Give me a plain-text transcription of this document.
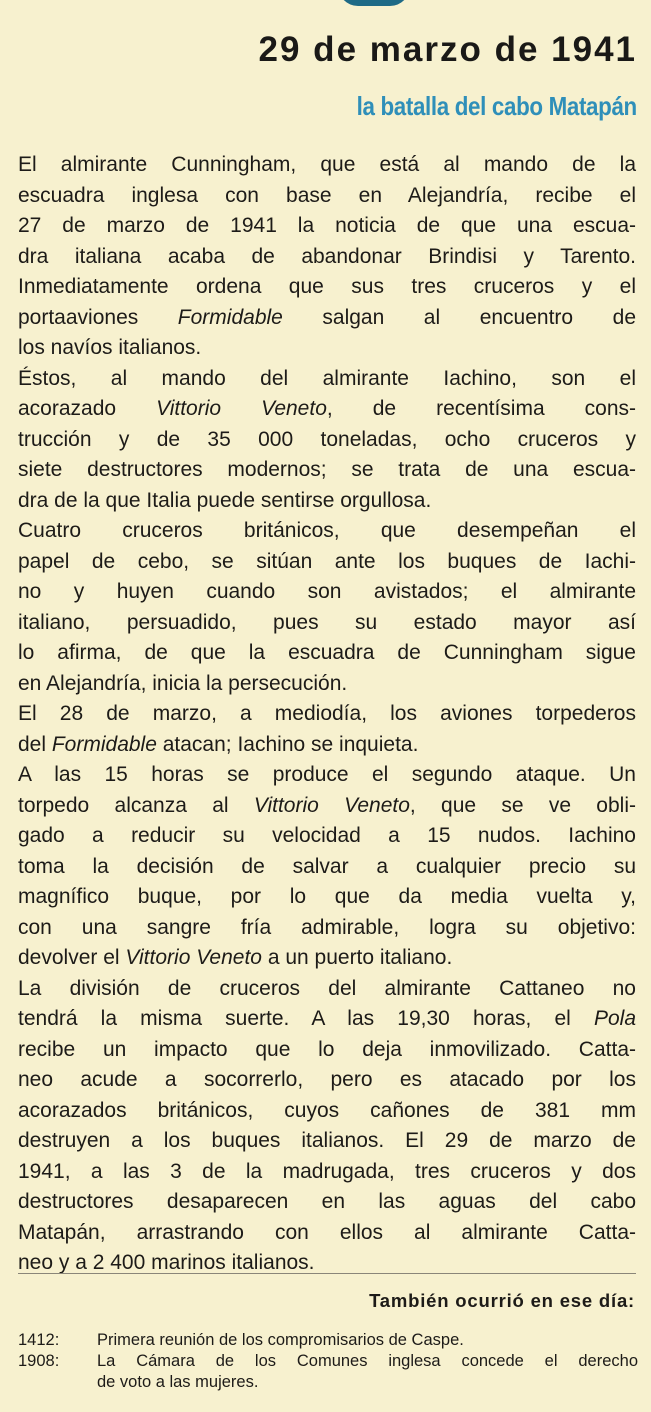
29 de marzo de 1941
la batalla del cabo Matapán
El almirante Cunningham, que está al mando de la
escuadra inglesa con base en Alejandría, recibe el
27 de marzo de 1941 la noticia de que una escua-
dra italiana acaba de abandonar Brindisi y Tarento.
Inmediatamente ordena que sus tres cruceros y el
portaaviones Formidable salgan al encuentro de
los navíos italianos.
Éstos, al mando del almirante Iachino, son el
acorazado Vittorio Veneto, de recentísima cons-
trucción y de 35 000 toneladas, ocho cruceros y
siete destructores modernos; se trata de una escua-
dra de la que Italia puede sentirse orgullosa.
Cuatro cruceros británicos, que desempeñan el
papel de cebo, se sitúan ante los buques de Iachi-
no y huyen cuando son avistados; el almirante
italiano, persuadido, pues su estado mayor así
lo afirma, de que la escuadra de Cunningham sigue
en Alejandría, inicia la persecución.
El 28 de marzo, a mediodía, los aviones torpederos
del Formidable atacan; Iachino se inquieta.
A las 15 horas se produce el segundo ataque. Un
torpedo alcanza al Vittorio Veneto, que se ve obli-
gado a reducir su velocidad a 15 nudos. Iachino
toma la decisión de salvar a cualquier precio su
magnífico buque, por lo que da media vuelta y,
con una sangre fría admirable, logra su objetivo:
devolver el Vittorio Veneto a un puerto italiano.
La división de cruceros del almirante Cattaneo no
tendrá la misma suerte. A las 19,30 horas, el Pola
recibe un impacto que lo deja inmovilizado. Catta-
neo acude a socorrerlo, pero es atacado por los
acorazados británicos, cuyos cañones de 381 mm
destruyen a los buques italianos. El 29 de marzo de
1941, a las 3 de la madrugada, tres cruceros y dos
destructores desaparecen en las aguas del cabo
Matapán, arrastrando con ellos al almirante Catta-
neo y a 2 400 marinos italianos.
También ocurrió en ese día:
1412:	Primera reunión de los compromisarios de Caspe.
1908:	La Cámara de los Comunes inglesa concede el derecho
de voto a las mujeres.
